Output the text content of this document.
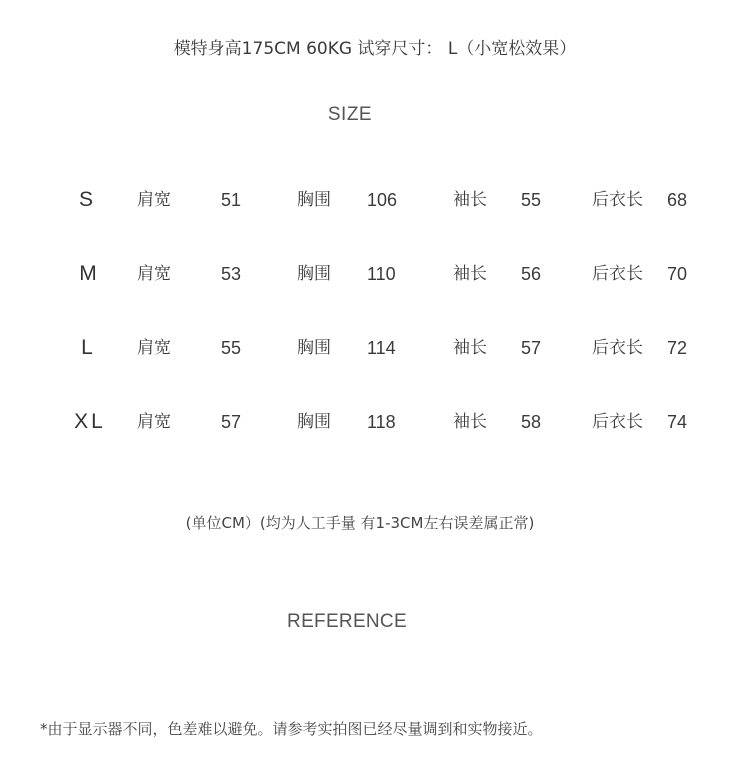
模特身高175CM 60KG 试穿尺寸： L（小宽松效果）
SIZE
S	肩宽	51	胸围 106	袖长 55	后衣长 68
M	肩宽	53	胸围 110	袖长 56	后衣长 70
L	肩宽	55	胸围 114	袖长 57	后衣长 72
XL 肩宽	57	胸围 118	袖长 58	后衣长 74
(单位CM）(均为人工手量 有1-3CM左右误差属正常)
REFERENCE
*由于显示器不同，色差难以避免。请参考实拍图已经尽量调到和实物接近。
